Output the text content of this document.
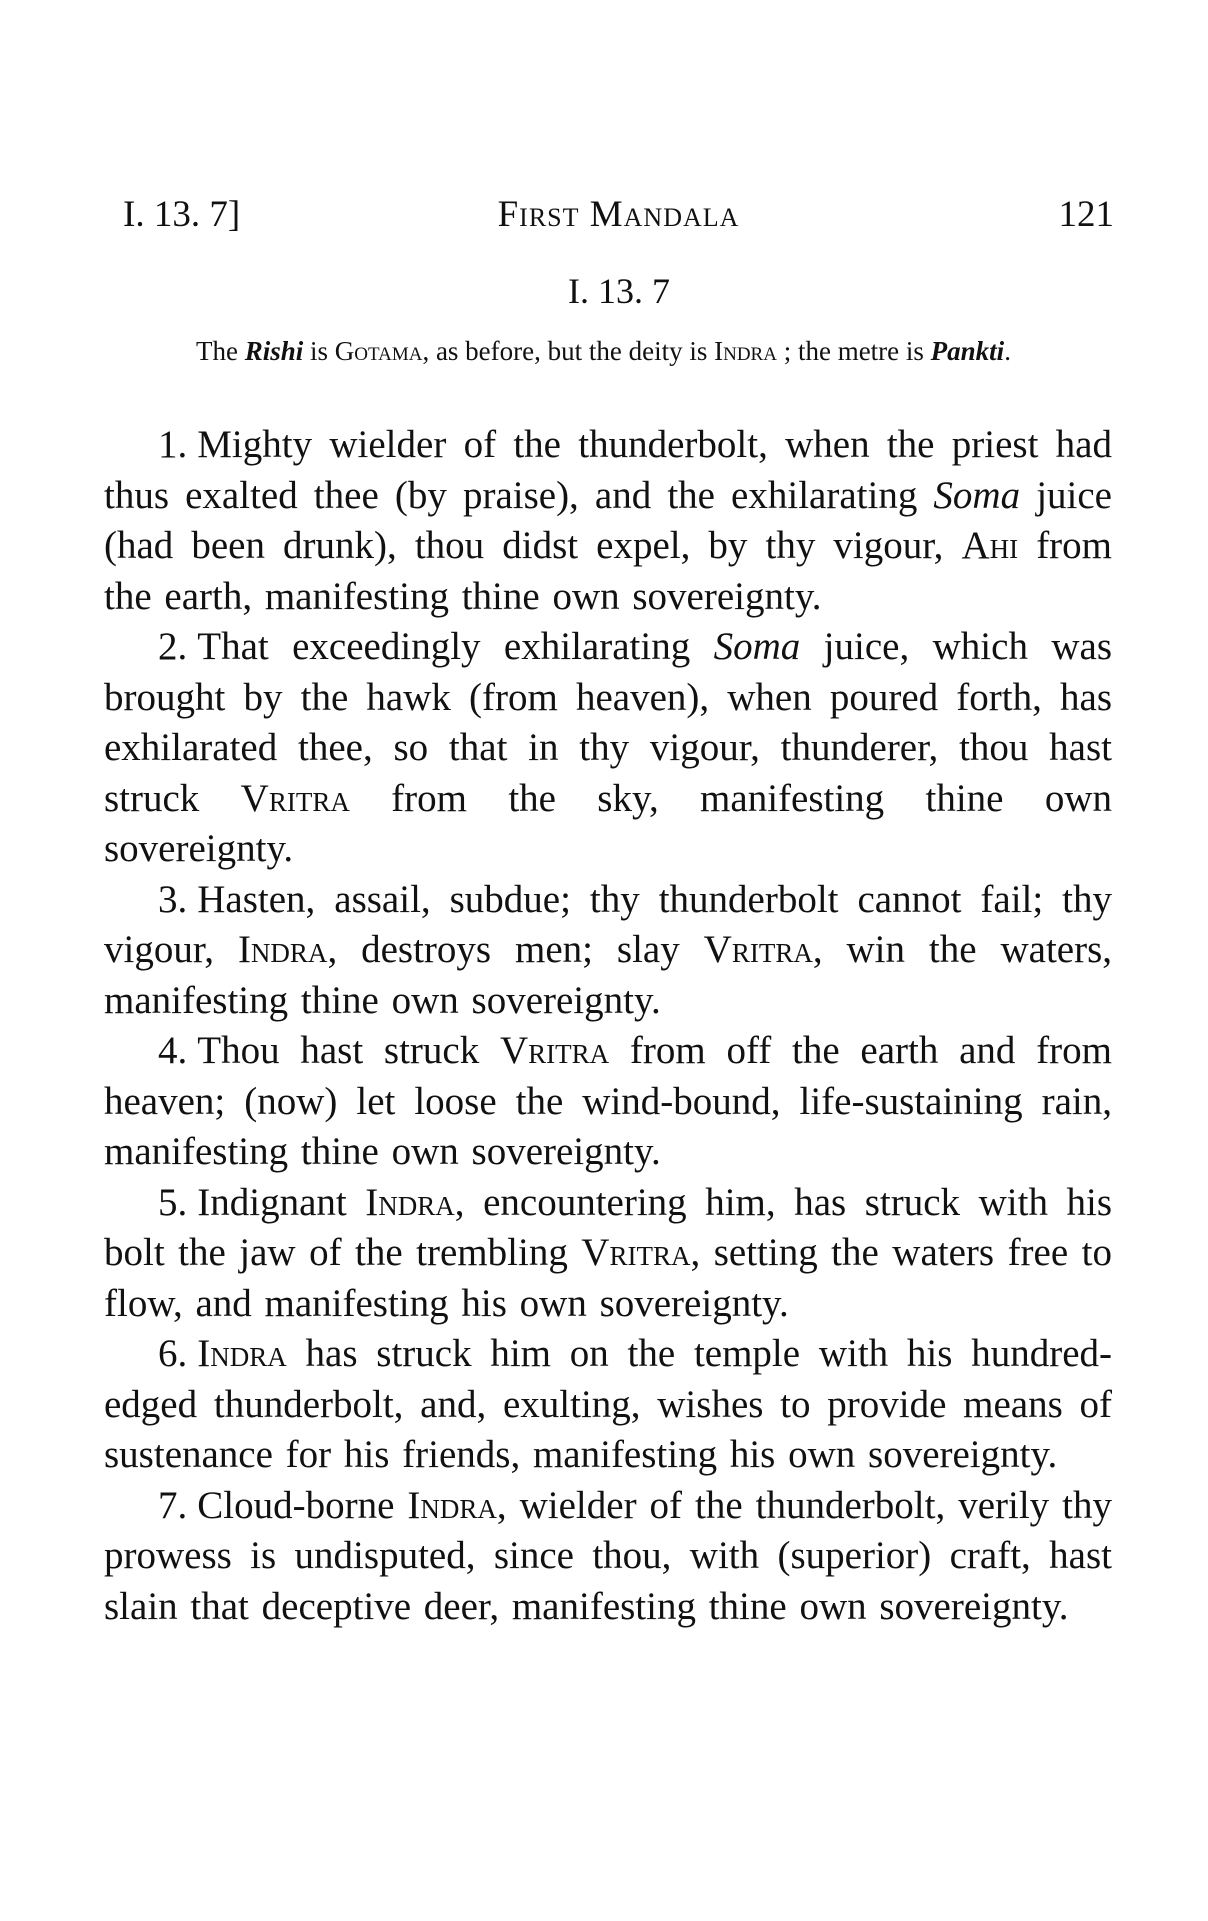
I. 13. 7]	First Mandala	121
I. 13. 7

The Rishi is Gotama, as before, but the deity is Indra ; the metre is Pankti.

1. Mighty wielder of the thunderbolt, when the priest had thus exalted thee (by praise), and the exhilarating Soma juice (had been drunk), thou didst expel, by thy vigour, Ahi from the earth, manifesting thine own sovereignty.

2. That exceedingly exhilarating Soma juice, which was brought by the hawk (from heaven), when poured forth, has exhilarated thee, so that in thy vigour, thunderer, thou hast struck Vritra from the sky, manifesting thine own sovereignty.

3. Hasten, assail, subdue; thy thunderbolt cannot fail; thy vigour, Indra, destroys men; slay Vritra, win the waters, manifesting thine own sovereignty.

4. Thou hast struck Vritra from off the earth and from heaven; (now) let loose the wind-bound, life-sustaining rain, manifesting thine own sovereignty.

5. Indignant Indra, encountering him, has struck with his bolt the jaw of the trembling Vritra, setting the waters free to flow, and manifesting his own sovereignty.

6. Indra has struck him on the temple with his hundred-edged thunderbolt, and, exulting, wishes to provide means of sustenance for his friends, manifesting his own sovereignty.

7. Cloud-borne Indra, wielder of the thunderbolt, verily thy prowess is undisputed, since thou, with (superior) craft, hast slain that deceptive deer, manifesting thine own sovereignty.
